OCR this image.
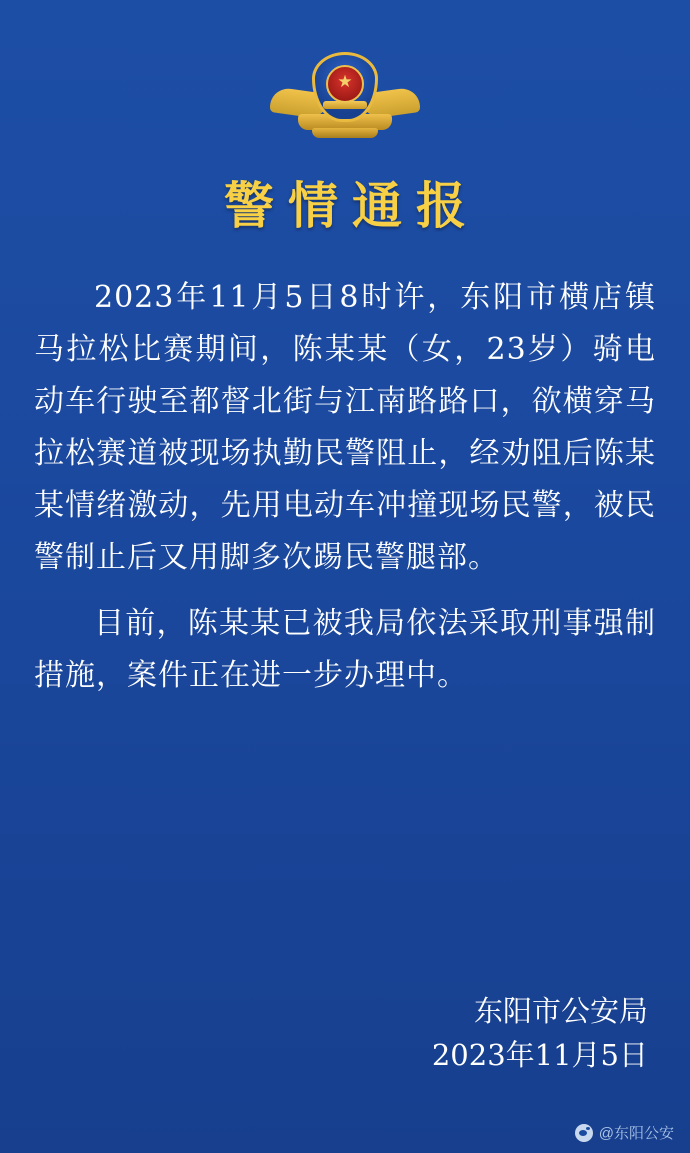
★
警情通报

2023年11月5日8时许，东阳市横店镇马拉松比赛期间，陈某某（女，23岁）骑电动车行驶至都督北街与江南路路口，欲横穿马拉松赛道被现场执勤民警阻止，经劝阻后陈某某情绪激动，先用电动车冲撞现场民警，被民警制止后又用脚多次踢民警腿部。

目前，陈某某已被我局依法采取刑事强制措施，案件正在进一步办理中。

东阳市公安局
2023年11月5日
@东阳公安
